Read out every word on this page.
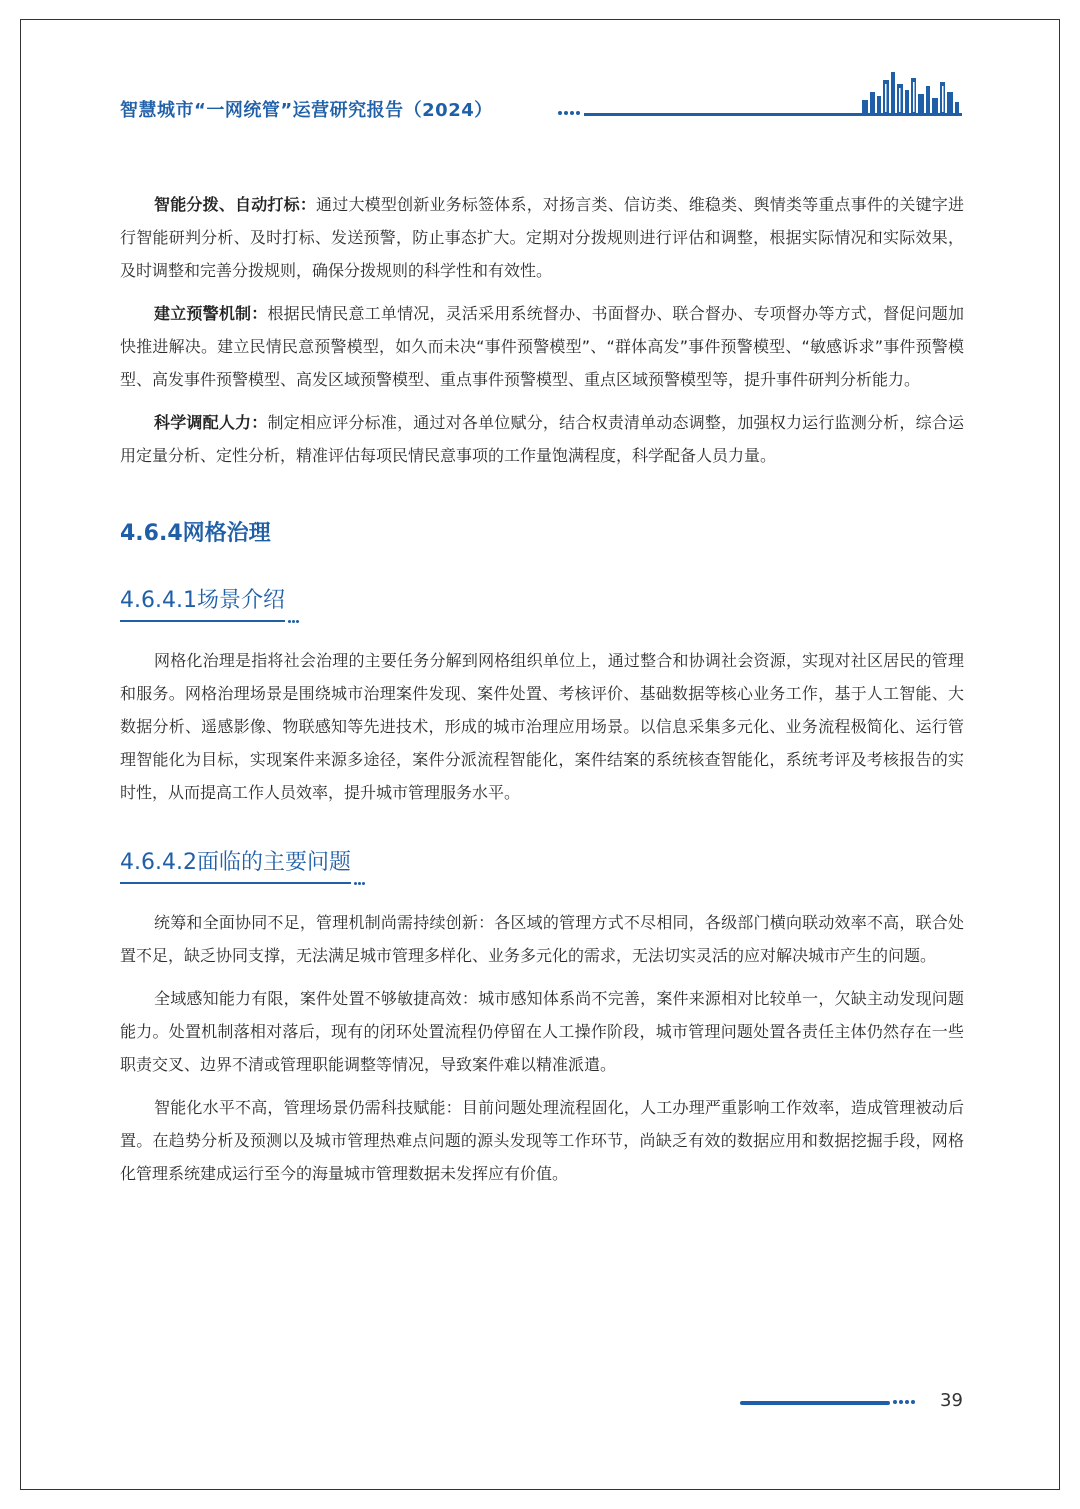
智慧城市“一网统管”运营研究报告（2024）

智能分拨、自动打标：通过大模型创新业务标签体系，对扬言类、信访类、维稳类、舆情类等重点事件的关键字进行智能研判分析、及时打标、发送预警，防止事态扩大。定期对分拨规则进行评估和调整，根据实际情况和实际效果，及时调整和完善分拨规则，确保分拨规则的科学性和有效性。

建立预警机制：根据民情民意工单情况，灵活采用系统督办、书面督办、联合督办、专项督办等方式，督促问题加快推进解决。建立民情民意预警模型，如久而未决“事件预警模型”、“群体高发”事件预警模型、“敏感诉求”事件预警模型、高发事件预警模型、高发区域预警模型、重点事件预警模型、重点区域预警模型等，提升事件研判分析能力。

科学调配人力：制定相应评分标准，通过对各单位赋分，结合权责清单动态调整，加强权力运行监测分析，综合运用定量分析、定性分析，精准评估每项民情民意事项的工作量饱满程度，科学配备人员力量。

4.6.4网格治理
4.6.4.1场景介绍

网格化治理是指将社会治理的主要任务分解到网格组织单位上，通过整合和协调社会资源，实现对社区居民的管理和服务。网格治理场景是围绕城市治理案件发现、案件处置、考核评价、基础数据等核心业务工作，基于人工智能、大数据分析、遥感影像、物联感知等先进技术，形成的城市治理应用场景。以信息采集多元化、业务流程极简化、运行管理智能化为目标，实现案件来源多途径，案件分派流程智能化，案件结案的系统核查智能化，系统考评及考核报告的实时性，从而提高工作人员效率，提升城市管理服务水平。

4.6.4.2面临的主要问题

统筹和全面协同不足，管理机制尚需持续创新：各区域的管理方式不尽相同，各级部门横向联动效率不高，联合处置不足，缺乏协同支撑，无法满足城市管理多样化、业务多元化的需求，无法切实灵活的应对解决城市产生的问题。

全域感知能力有限，案件处置不够敏捷高效：城市感知体系尚不完善，案件来源相对比较单一，欠缺主动发现问题能力。处置机制落相对落后，现有的闭环处置流程仍停留在人工操作阶段，城市管理问题处置各责任主体仍然存在一些职责交叉、边界不清或管理职能调整等情况，导致案件难以精准派遣。

智能化水平不高，管理场景仍需科技赋能：目前问题处理流程固化，人工办理严重影响工作效率，造成管理被动后置。在趋势分析及预测以及城市管理热难点问题的源头发现等工作环节，尚缺乏有效的数据应用和数据挖掘手段，网格化管理系统建成运行至今的海量城市管理数据未发挥应有价值。

39
